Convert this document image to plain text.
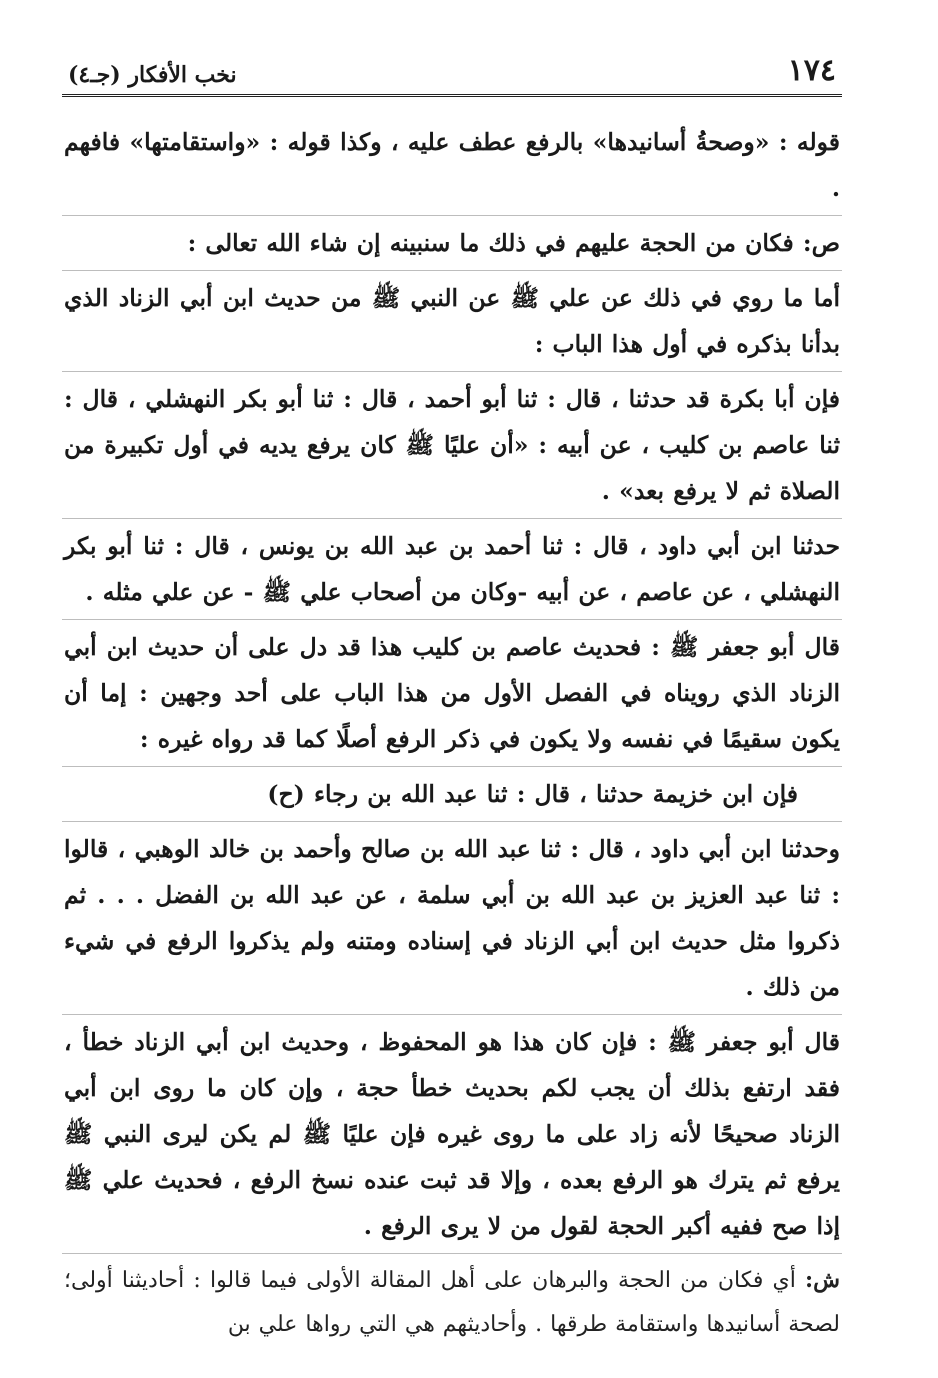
١٧٤
نخب الأفكار (جـ٤)

قوله : «وصحةُ أسانيدها» بالرفع عطف عليه ، وكذا قوله : «واستقامتها» فافهم .

ص: فكان من الحجة عليهم في ذلك ما سنبينه إن شاء الله تعالى :

أما ما روي في ذلك عن علي ﷺ عن النبي ﷺ من حديث ابن أبي الزناد الذي بدأنا بذكره في أول هذا الباب :

فإن أبا بكرة قد حدثنا ، قال : ثنا أبو أحمد ، قال : ثنا أبو بكر النهشلي ، قال : ثنا عاصم بن كليب ، عن أبيه : «أن عليًا ﷺ كان يرفع يديه في أول تكبيرة من الصلاة ثم لا يرفع بعد» .

حدثنا ابن أبي داود ، قال : ثنا أحمد بن عبد الله بن يونس ، قال : ثنا أبو بكر النهشلي ، عن عاصم ، عن أبيه -وكان من أصحاب علي ﷺ - عن علي مثله .

قال أبو جعفر ﷺ : فحديث عاصم بن كليب هذا قد دل على أن حديث ابن أبي الزناد الذي رويناه في الفصل الأول من هذا الباب على أحد وجهين : إما أن يكون سقيمًا في نفسه ولا يكون في ذكر الرفع أصلًا كما قد رواه غيره :

فإن ابن خزيمة حدثنا ، قال : ثنا عبد الله بن رجاء (ح)

وحدثنا ابن أبي داود ، قال : ثنا عبد الله بن صالح وأحمد بن خالد الوهبي ، قالوا : ثنا عبد العزيز بن عبد الله بن أبي سلمة ، عن عبد الله بن الفضل . . . ثم ذكروا مثل حديث ابن أبي الزناد في إسناده ومتنه ولم يذكروا الرفع في شيء من ذلك .

قال أبو جعفر ﷺ : فإن كان هذا هو المحفوظ ، وحديث ابن أبي الزناد خطأ ، فقد ارتفع بذلك أن يجب لكم بحديث خطأ حجة ، وإن كان ما روى ابن أبي الزناد صحيحًا لأنه زاد على ما روى غيره فإن عليًا ﷺ لم يكن ليرى النبي ﷺ يرفع ثم يترك هو الرفع بعده ، وإلا قد ثبت عنده نسخ الرفع ، فحديث علي ﷺ إذا صح ففيه أكبر الحجة لقول من لا يرى الرفع .

ش: أي فكان من الحجة والبرهان على أهل المقالة الأولى فيما قالوا : أحاديثنا أولى؛ لصحة أسانيدها واستقامة طرقها . وأحاديثهم هي التي رواها علي بن
